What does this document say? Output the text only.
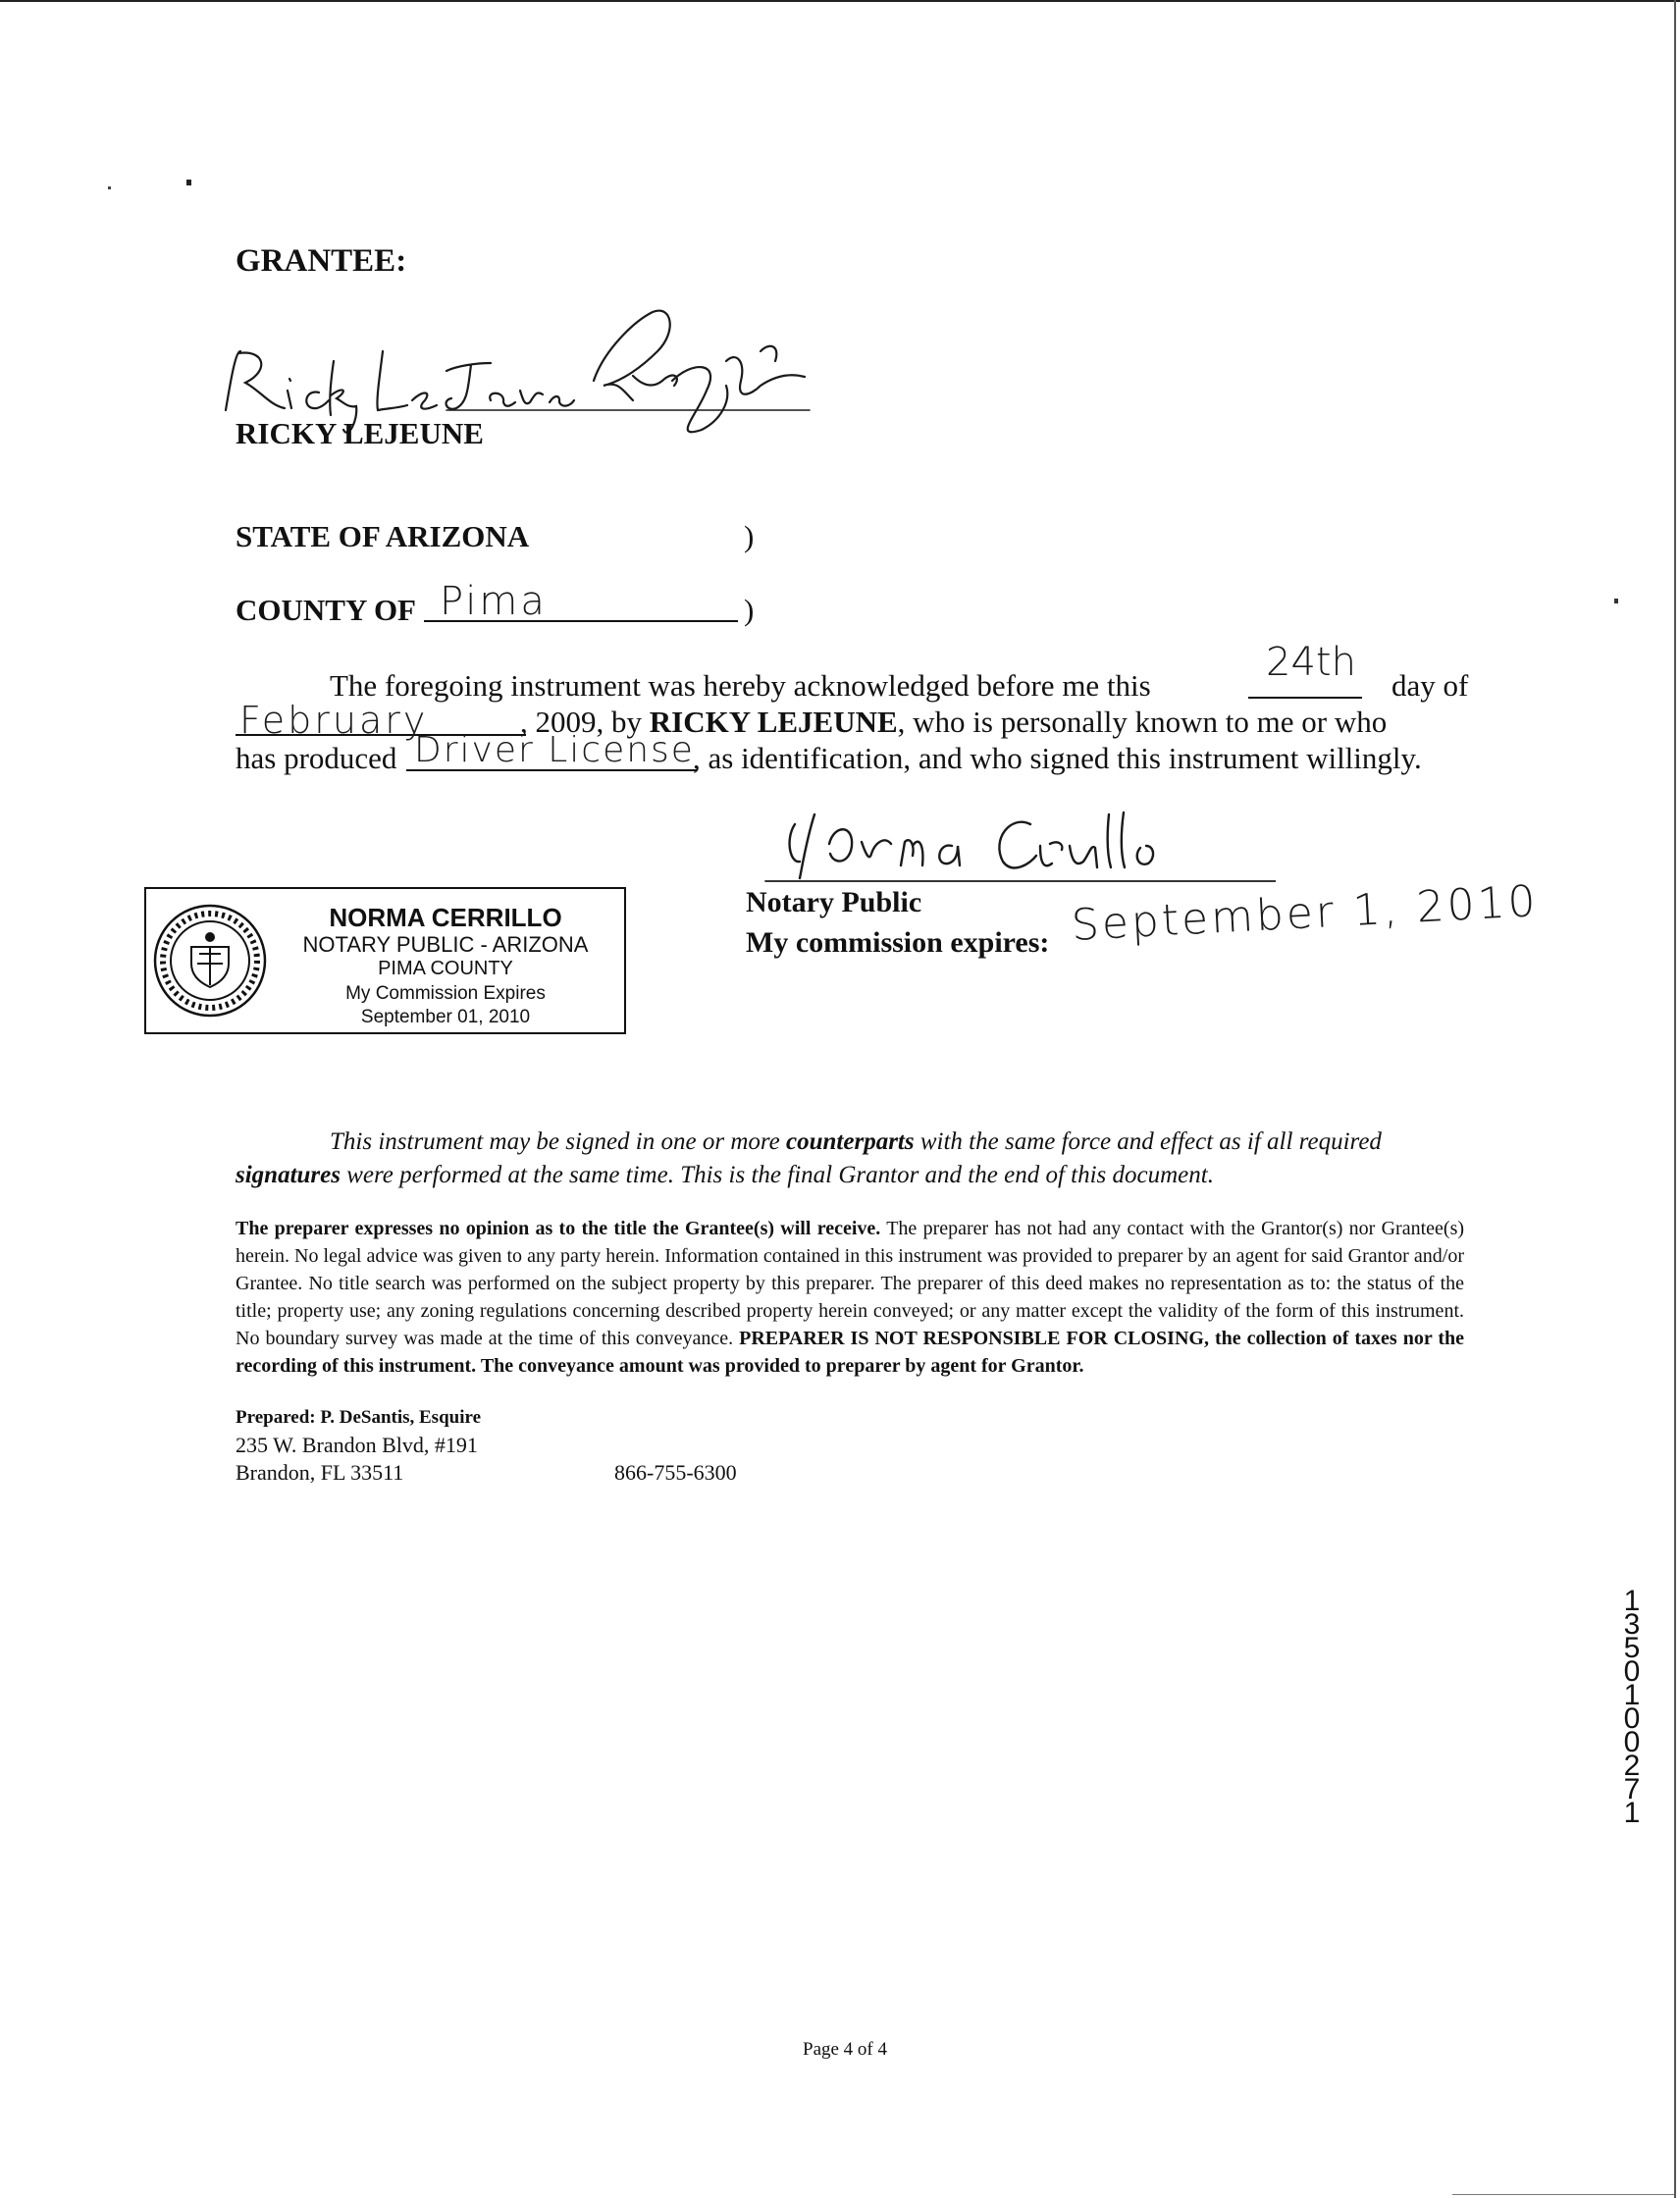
GRANTEE:
RICKY LEJEUNE
STATE OF ARIZONA	)
COUNTY OF Pima	)
The foregoing instrument was hereby acknowledged before me this
24th
day of
February	, 2009, by RICKY LEJEUNE, who is personally known to me or who
has produced Driver License
, as identification, and who signed this instrument willingly.
Notary Public
My commission expires: September 1, 2010
NORMA CERRILLO
NOTARY PUBLIC - ARIZONA
PIMA COUNTY
My Commission Expires
September 01, 2010
This instrument may be signed in one or more counterparts with the same force and effect as if all required signatures were performed at the same time. This is the final Grantor and the end of this document.
The preparer expresses no opinion as to the title the Grantee(s) will receive. The preparer has not had any contact with the Grantor(s) nor Grantee(s) herein. No legal advice was given to any party herein. Information contained in this instrument was provided to preparer by an agent for said Grantor and/or Grantee. No title search was performed on the subject property by this preparer. The preparer of this deed makes no representation as to: the status of the title; property use; any zoning regulations concerning described property herein conveyed; or any matter except the validity of the form of this instrument. No boundary survey was made at the time of this conveyance. PREPARER IS NOT RESPONSIBLE FOR CLOSING, the collection of taxes nor the recording of this instrument. The conveyance amount was provided to preparer by agent for Grantor.
Prepared: P. DeSantis, Esquire
235 W. Brandon Blvd, #191
Brandon, FL 33511	866-755-6300
1350100271
Page 4 of 4
